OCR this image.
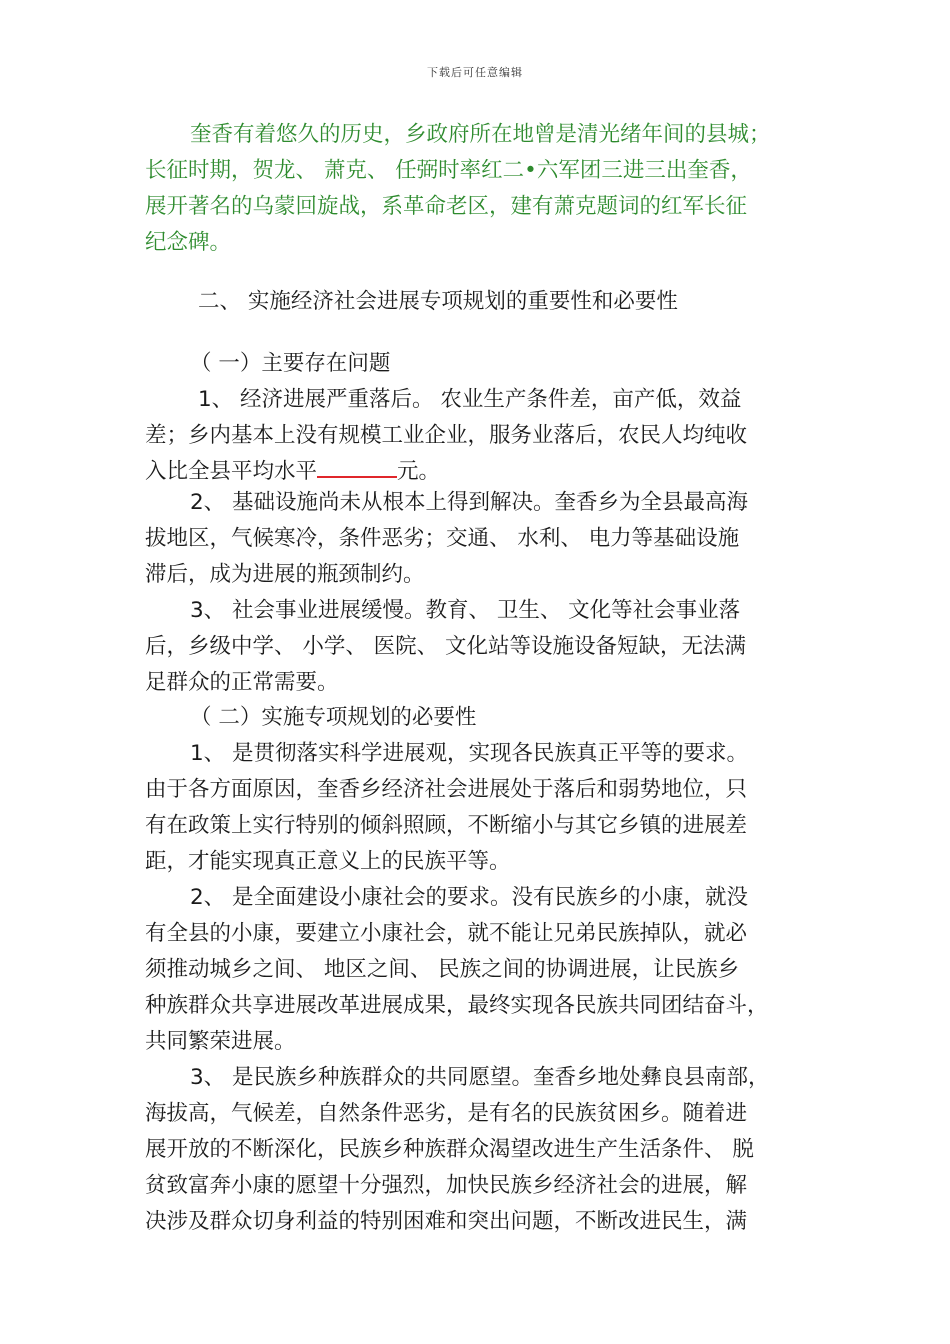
下载后可任意编辑
奎香有着悠久的历史，乡政府所在地曾是清光绪年间的县城；
长征时期，贺龙、 萧克、 任弼时率红二•六军团三进三出奎香，
展开著名的乌蒙回旋战，系革命老区，建有萧克题词的红军长征
纪念碑。
二、 实施经济社会进展专项规划的重要性和必要性
（ 一）主要存在问题
1、 经济进展严重落后。 农业生产条件差，亩产低，效益
差；乡内基本上没有规模工业企业，服务业落后，农民人均纯收
入比全县平均水平	元。
2、 基础设施尚未从根本上得到解决。奎香乡为全县最高海
拔地区，气候寒冷，条件恶劣；交通、 水利、 电力等基础设施
滞后，成为进展的瓶颈制约。
3、 社会事业进展缓慢。教育、 卫生、 文化等社会事业落
后，乡级中学、 小学、 医院、 文化站等设施设备短缺，无法满
足群众的正常需要。
（ 二）实施专项规划的必要性
1、 是贯彻落实科学进展观，实现各民族真正平等的要求。
由于各方面原因，奎香乡经济社会进展处于落后和弱势地位，只
有在政策上实行特别的倾斜照顾，不断缩小与其它乡镇的进展差
距，才能实现真正意义上的民族平等。
2、 是全面建设小康社会的要求。没有民族乡的小康，就没
有全县的小康，要建立小康社会，就不能让兄弟民族掉队，就必
须推动城乡之间、 地区之间、 民族之间的协调进展，让民族乡
种族群众共享进展改革进展成果，最终实现各民族共同团结奋斗，
共同繁荣进展。
3、 是民族乡种族群众的共同愿望。奎香乡地处彝良县南部，
海拔高，气候差，自然条件恶劣，是有名的民族贫困乡。随着进
展开放的不断深化，民族乡种族群众渴望改进生产生活条件、 脱
贫致富奔小康的愿望十分强烈，加快民族乡经济社会的进展，解
决涉及群众切身利益的特别困难和突出问题，不断改进民生，满
